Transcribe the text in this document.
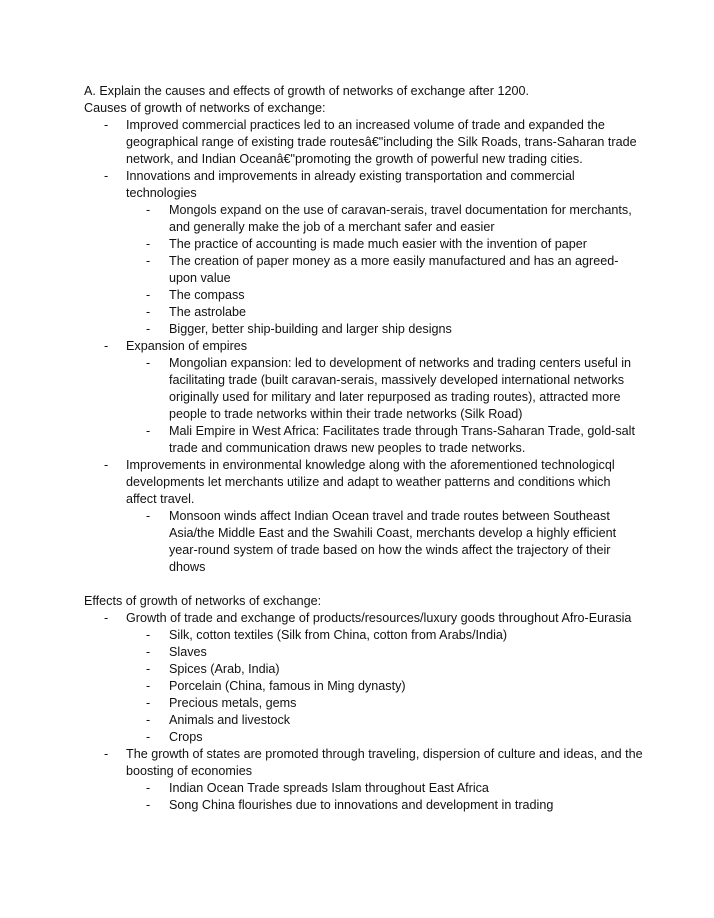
A. Explain the causes and effects of growth of networks of exchange after 1200.

Causes of growth of networks of exchange:

- Improved commercial practices led to an increased volume of trade and expanded the geographical range of existing trade routesâ€"including the Silk Roads, trans-Saharan trade network, and Indian Oceanâ€"promoting the growth of powerful new trading cities.
- Innovations and improvements in already existing transportation and commercial technologies
- Mongols expand on the use of caravan-serais, travel documentation for merchants, and generally make the job of a merchant safer and easier
- The practice of accounting is made much easier with the invention of paper
- The creation of paper money as a more easily manufactured and has an agreed-upon value
- The compass
- The astrolabe
- Bigger, better ship-building and larger ship designs
- Expansion of empires
- Mongolian expansion: led to development of networks and trading centers useful in facilitating trade (built caravan-serais, massively developed international networks originally used for military and later repurposed as trading routes), attracted more people to trade networks within their trade networks (Silk Road)
- Mali Empire in West Africa: Facilitates trade through Trans-Saharan Trade, gold-salt trade and communication draws new peoples to trade networks.
- Improvements in environmental knowledge along with the aforementioned technologicql developments let merchants utilize and adapt to weather patterns and conditions which affect travel.
- Monsoon winds affect Indian Ocean travel and trade routes between Southeast Asia/the Middle East and the Swahili Coast, merchants develop a highly efficient year-round system of trade based on how the winds affect the trajectory of their dhows

Effects of growth of networks of exchange:

- Growth of trade and exchange of products/resources/luxury goods throughout Afro-Eurasia
- Silk, cotton textiles (Silk from China, cotton from Arabs/India)
- Slaves
- Spices (Arab, India)
- Porcelain (China, famous in Ming dynasty)
- Precious metals, gems
- Animals and livestock
- Crops
- The growth of states are promoted through traveling, dispersion of culture and ideas, and the boosting of economies
- Indian Ocean Trade spreads Islam throughout East Africa
- Song China flourishes due to innovations and development in trading
